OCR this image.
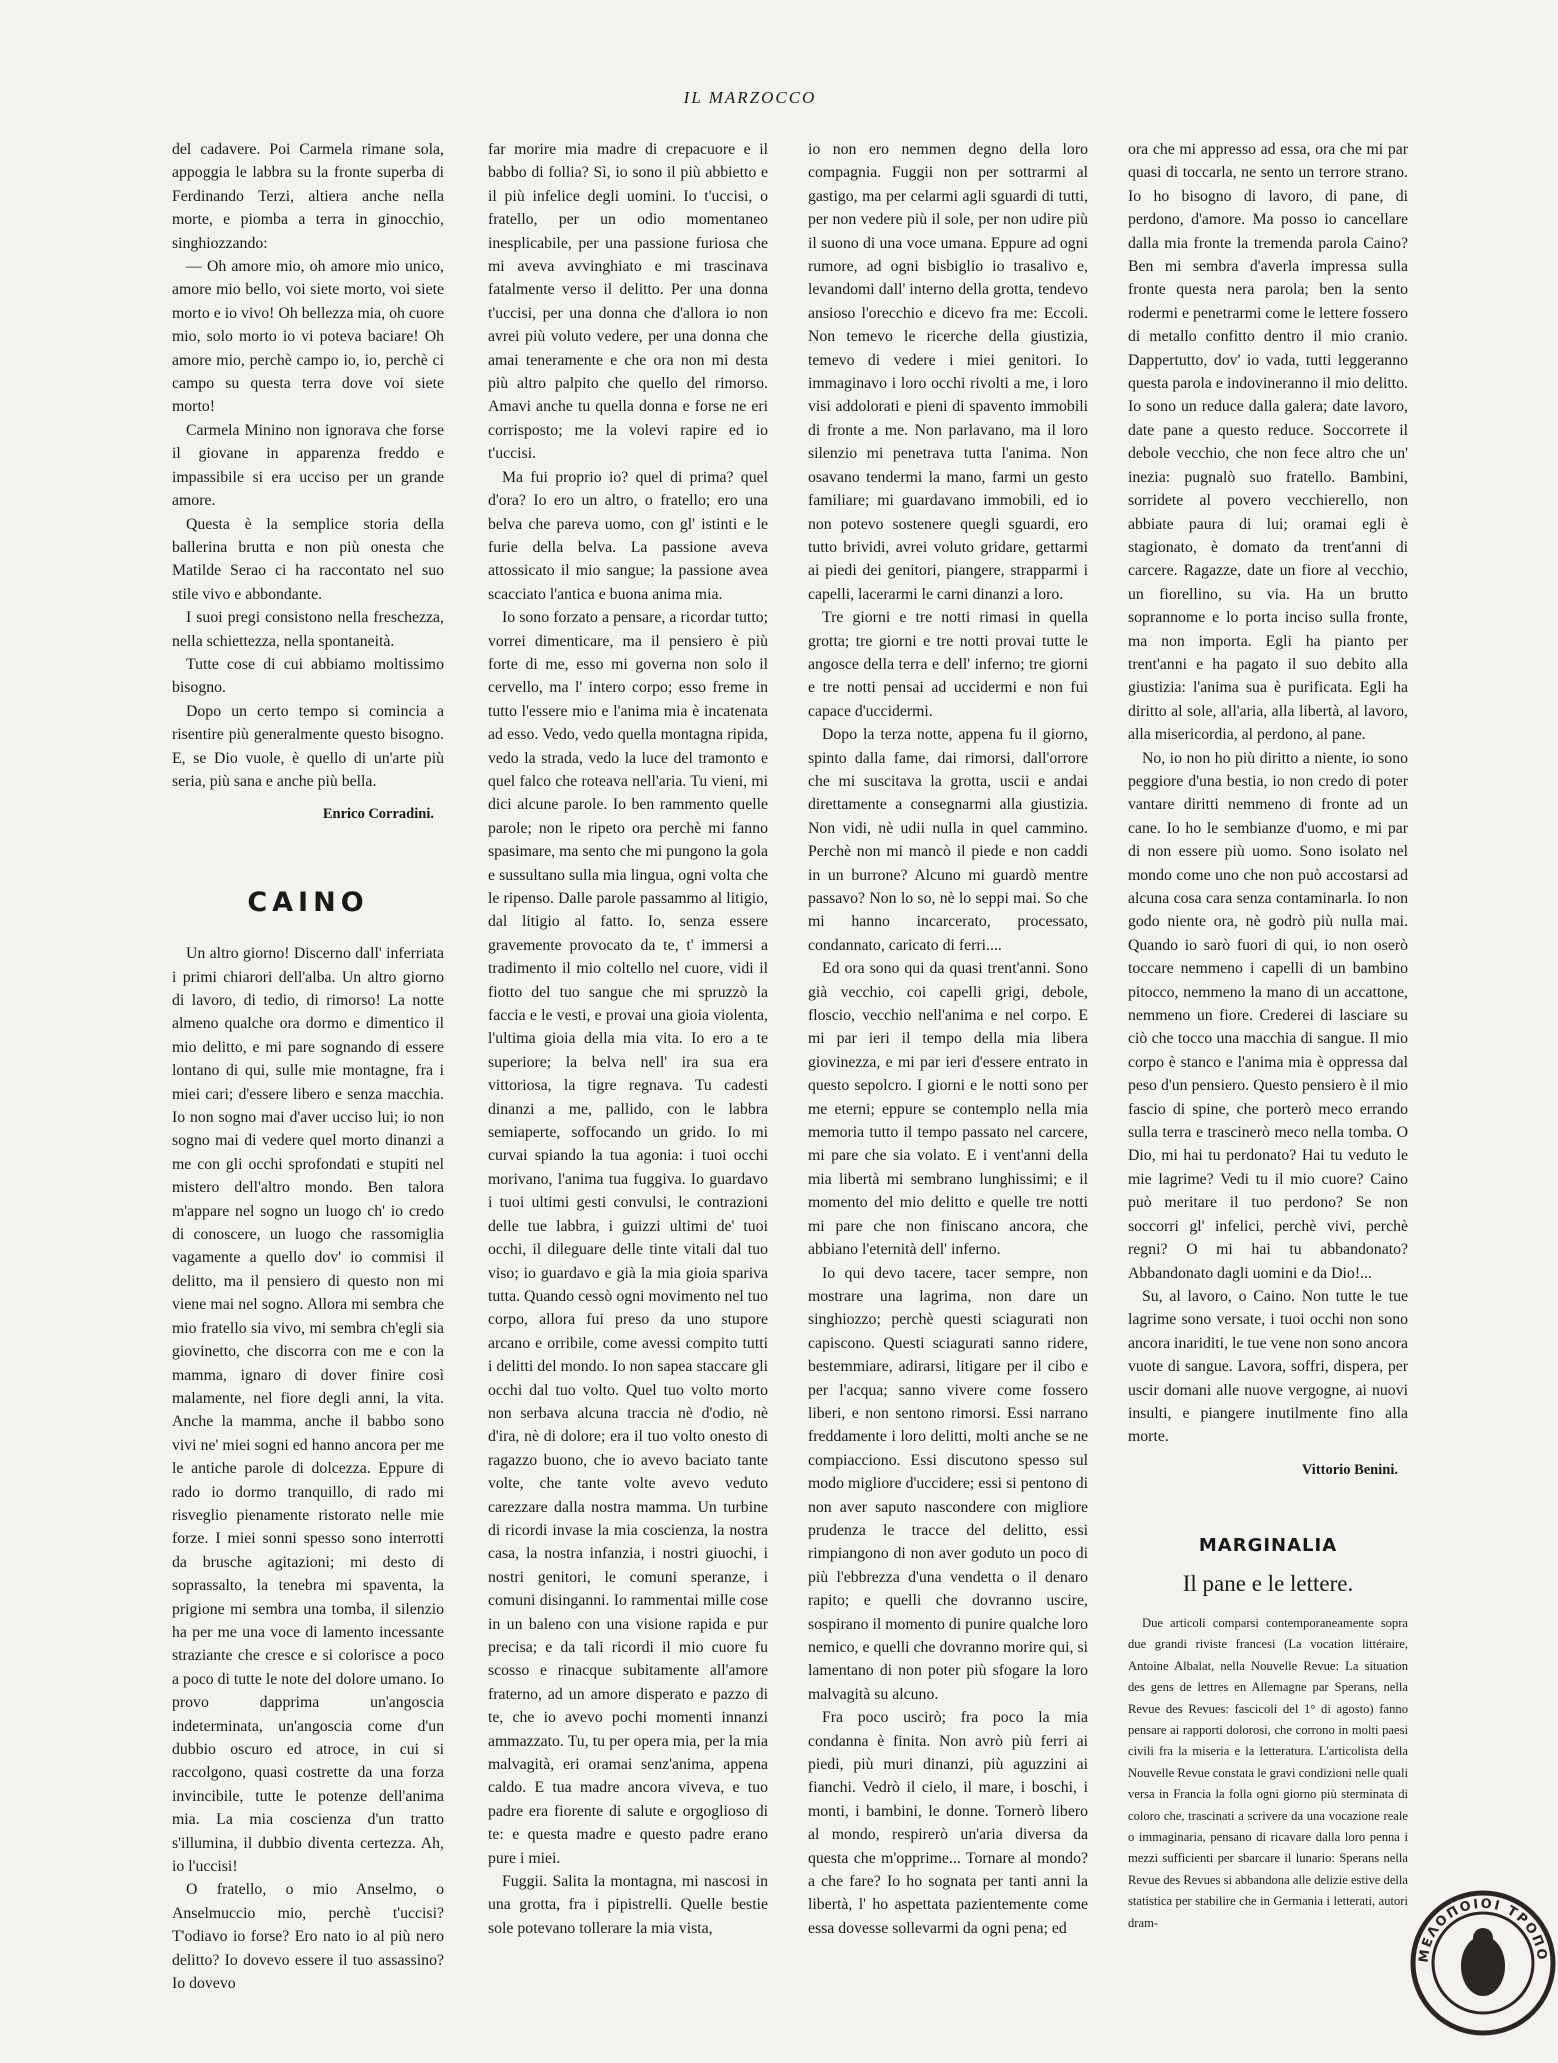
IL MARZOCCO

del cadavere. Poi Carmela rimane sola, appoggia le labbra su la fronte superba di Ferdinando Terzi, altiera anche nella morte, e piomba a terra in ginocchio, singhiozzando:

— Oh amore mio, oh amore mio unico, amore mio bello, voi siete morto, voi siete morto e io vivo! Oh bellezza mia, oh cuore mio, solo morto io vi poteva baciare! Oh amore mio, perchè campo io, io, perchè ci campo su questa terra dove voi siete morto!

Carmela Minino non ignorava che forse il giovane in apparenza freddo e impassibile si era ucciso per un grande amore.

Questa è la semplice storia della ballerina brutta e non più onesta che Matilde Serao ci ha raccontato nel suo stile vivo e abbondante.

I suoi pregi consistono nella freschezza, nella schiettezza, nella spontaneità.

Tutte cose di cui abbiamo moltissimo bisogno.

Dopo un certo tempo si comincia a risentire più generalmente questo bisogno. E, se Dio vuole, è quello di un'arte più seria, più sana e anche più bella.

Enrico Corradini.
CAINO

Un altro giorno! Discerno dall' inferriata i primi chiarori dell'alba. Un altro giorno di lavoro, di tedio, di rimorso! La notte almeno qualche ora dormo e dimentico il mio delitto, e mi pare sognando di essere lontano di qui, sulle mie montagne, fra i miei cari; d'essere libero e senza macchia. Io non sogno mai d'aver ucciso lui; io non sogno mai di vedere quel morto dinanzi a me con gli occhi sprofondati e stupiti nel mistero dell'altro mondo. Ben talora m'appare nel sogno un luogo ch' io credo di conoscere, un luogo che rassomiglia vagamente a quello dov' io commisi il delitto, ma il pensiero di questo non mi viene mai nel sogno. Allora mi sembra che mio fratello sia vivo, mi sembra ch'egli sia giovinetto, che discorra con me e con la mamma, ignaro di dover finire così malamente, nel fiore degli anni, la vita. Anche la mamma, anche il babbo sono vivi ne' miei sogni ed hanno ancora per me le antiche parole di dolcezza. Eppure di rado io dormo tranquillo, di rado mi risveglio pienamente ristorato nelle mie forze. I miei sonni spesso sono interrotti da brusche agitazioni; mi desto di soprassalto, la tenebra mi spaventa, la prigione mi sembra una tomba, il silenzio ha per me una voce di lamento incessante straziante che cresce e si colorisce a poco a poco di tutte le note del dolore umano. Io provo dapprima un'angoscia indeterminata, un'angoscia come d'un dubbio oscuro ed atroce, in cui si raccolgono, quasi costrette da una forza invincibile, tutte le potenze dell'anima mia. La mia coscienza d'un tratto s'illumina, il dubbio diventa certezza. Ah, io l'uccisi!

O fratello, o mio Anselmo, o Anselmuccio mio, perchè t'uccisi? T'odiavo io forse? Ero nato io al più nero delitto? Io dovevo essere il tuo assassino? Io dovevo

far morire mia madre di crepacuore e il babbo di follia? Sì, io sono il più abbietto e il più infelice degli uomini. Io t'uccisi, o fratello, per un odio momentaneo inesplicabile, per una passione furiosa che mi aveva avvinghiato e mi trascinava fatalmente verso il delitto. Per una donna t'uccisi, per una donna che d'allora io non avrei più voluto vedere, per una donna che amai teneramente e che ora non mi desta più altro palpito che quello del rimorso. Amavi anche tu quella donna e forse ne eri corrisposto; me la volevi rapire ed io t'uccisi.

Ma fui proprio io? quel di prima? quel d'ora? Io ero un altro, o fratello; ero una belva che pareva uomo, con gl' istinti e le furie della belva. La passione aveva attossicato il mio sangue; la passione avea scacciato l'antica e buona anima mia.

Io sono forzato a pensare, a ricordar tutto; vorrei dimenticare, ma il pensiero è più forte di me, esso mi governa non solo il cervello, ma l' intero corpo; esso freme in tutto l'essere mio e l'anima mia è incatenata ad esso. Vedo, vedo quella montagna ripida, vedo la strada, vedo la luce del tramonto e quel falco che roteava nell'aria. Tu vieni, mi dici alcune parole. Io ben rammento quelle parole; non le ripeto ora perchè mi fanno spasimare, ma sento che mi pungono la gola e sussultano sulla mia lingua, ogni volta che le ripenso. Dalle parole passammo al litigio, dal litigio al fatto. Io, senza essere gravemente provocato da te, t' immersi a tradimento il mio coltello nel cuore, vidi il fiotto del tuo sangue che mi spruzzò la faccia e le vesti, e provai una gioia violenta, l'ultima gioia della mia vita. Io ero a te superiore; la belva nell' ira sua era vittoriosa, la tigre regnava. Tu cadesti dinanzi a me, pallido, con le labbra semiaperte, soffocando un grido. Io mi curvai spiando la tua agonia: i tuoi occhi morivano, l'anima tua fuggiva. Io guardavo i tuoi ultimi gesti convulsi, le contrazioni delle tue labbra, i guizzi ultimi de' tuoi occhi, il dileguare delle tinte vitali dal tuo viso; io guardavo e già la mia gioia spariva tutta. Quando cessò ogni movimento nel tuo corpo, allora fui preso da uno stupore arcano e orribile, come avessi compito tutti i delitti del mondo. Io non sapea staccare gli occhi dal tuo volto. Quel tuo volto morto non serbava alcuna traccia nè d'odio, nè d'ira, nè di dolore; era il tuo volto onesto di ragazzo buono, che io avevo baciato tante volte, che tante volte avevo veduto carezzare dalla nostra mamma. Un turbine di ricordi invase la mia coscienza, la nostra casa, la nostra infanzia, i nostri giuochi, i nostri genitori, le comuni speranze, i comuni disinganni. Io rammentai mille cose in un baleno con una visione rapida e pur precisa; e da tali ricordi il mio cuore fu scosso e rinacque subitamente all'amore fraterno, ad un amore disperato e pazzo di te, che io avevo pochi momenti innanzi ammazzato. Tu, tu per opera mia, per la mia malvagità, eri oramai senz'anima, appena caldo. E tua madre ancora viveva, e tuo padre era fiorente di salute e orgoglioso di te: e questa madre e questo padre erano pure i miei.

Fuggii. Salita la montagna, mi nascosi in una grotta, fra i pipistrelli. Quelle bestie sole potevano tollerare la mia vista,

io non ero nemmen degno della loro compagnia. Fuggii non per sottrarmi al gastigo, ma per celarmi agli sguardi di tutti, per non vedere più il sole, per non udire più il suono di una voce umana. Eppure ad ogni rumore, ad ogni bisbiglio io trasalivo e, levandomi dall' interno della grotta, tendevo ansioso l'orecchio e dicevo fra me: Eccoli. Non temevo le ricerche della giustizia, temevo di vedere i miei genitori. Io immaginavo i loro occhi rivolti a me, i loro visi addolorati e pieni di spavento immobili di fronte a me. Non parlavano, ma il loro silenzio mi penetrava tutta l'anima. Non osavano tendermi la mano, farmi un gesto familiare; mi guardavano immobili, ed io non potevo sostenere quegli sguardi, ero tutto brividi, avrei voluto gridare, gettarmi ai piedi dei genitori, piangere, strapparmi i capelli, lacerarmi le carni dinanzi a loro.

Tre giorni e tre notti rimasi in quella grotta; tre giorni e tre notti provai tutte le angosce della terra e dell' inferno; tre giorni e tre notti pensai ad uccidermi e non fui capace d'uccidermi.

Dopo la terza notte, appena fu il giorno, spinto dalla fame, dai rimorsi, dall'orrore che mi suscitava la grotta, uscii e andai direttamente a consegnarmi alla giustizia. Non vidi, nè udii nulla in quel cammino. Perchè non mi mancò il piede e non caddi in un burrone? Alcuno mi guardò mentre passavo? Non lo so, nè lo seppi mai. So che mi hanno incarcerato, processato, condannato, caricato di ferri....

Ed ora sono qui da quasi trent'anni. Sono già vecchio, coi capelli grigi, debole, floscio, vecchio nell'anima e nel corpo. E mi par ieri il tempo della mia libera giovinezza, e mi par ieri d'essere entrato in questo sepolcro. I giorni e le notti sono per me eterni; eppure se contemplo nella mia memoria tutto il tempo passato nel carcere, mi pare che sia volato. E i vent'anni della mia libertà mi sembrano lunghissimi; e il momento del mio delitto e quelle tre notti mi pare che non finiscano ancora, che abbiano l'eternità dell' inferno.

Io qui devo tacere, tacer sempre, non mostrare una lagrima, non dare un singhiozzo; perchè questi sciagurati non capiscono. Questi sciagurati sanno ridere, bestemmiare, adirarsi, litigare per il cibo e per l'acqua; sanno vivere come fossero liberi, e non sentono rimorsi. Essi narrano freddamente i loro delitti, molti anche se ne compiacciono. Essi discutono spesso sul modo migliore d'uccidere; essi si pentono di non aver saputo nascondere con migliore prudenza le tracce del delitto, essi rimpiangono di non aver goduto un poco di più l'ebbrezza d'una vendetta o il denaro rapito; e quelli che dovranno uscire, sospirano il momento di punire qualche loro nemico, e quelli che dovranno morire qui, si lamentano di non poter più sfogare la loro malvagità su alcuno.

Fra poco uscirò; fra poco la mia condanna è finita. Non avrò più ferri ai piedi, più muri dinanzi, più aguzzini ai fianchi. Vedrò il cielo, il mare, i boschi, i monti, i bambini, le donne. Tornerò libero al mondo, respirerò un'aria diversa da questa che m'opprime... Tornare al mondo? a che fare? Io ho sognata per tanti anni la libertà, l' ho aspettata pazientemente come essa dovesse sollevarmi da ogni pena; ed

ora che mi appresso ad essa, ora che mi par quasi di toccarla, ne sento un terrore strano. Io ho bisogno di lavoro, di pane, di perdono, d'amore. Ma posso io cancellare dalla mia fronte la tremenda parola Caino? Ben mi sembra d'averla impressa sulla fronte questa nera parola; ben la sento rodermi e penetrarmi come le lettere fossero di metallo confitto dentro il mio cranio. Dappertutto, dov' io vada, tutti leggeranno questa parola e indovineranno il mio delitto. Io sono un reduce dalla galera; date lavoro, date pane a questo reduce. Soccorrete il debole vecchio, che non fece altro che un' inezia: pugnalò suo fratello. Bambini, sorridete al povero vecchierello, non abbiate paura di lui; oramai egli è stagionato, è domato da trent'anni di carcere. Ragazze, date un fiore al vecchio, un fiorellino, su via. Ha un brutto soprannome e lo porta inciso sulla fronte, ma non importa. Egli ha pianto per trent'anni e ha pagato il suo debito alla giustizia: l'anima sua è purificata. Egli ha diritto al sole, all'aria, alla libertà, al lavoro, alla misericordia, al perdono, al pane.

No, io non ho più diritto a niente, io sono peggiore d'una bestia, io non credo di poter vantare diritti nemmeno di fronte ad un cane. Io ho le sembianze d'uomo, e mi par di non essere più uomo. Sono isolato nel mondo come uno che non può accostarsi ad alcuna cosa cara senza contaminarla. Io non godo niente ora, nè godrò più nulla mai. Quando io sarò fuori di qui, io non oserò toccare nemmeno i capelli di un bambino pitocco, nemmeno la mano di un accattone, nemmeno un fiore. Crederei di lasciare su ciò che tocco una macchia di sangue. Il mio corpo è stanco e l'anima mia è oppressa dal peso d'un pensiero. Questo pensiero è il mio fascio di spine, che porterò meco errando sulla terra e trascinerò meco nella tomba. O Dio, mi hai tu perdonato? Hai tu veduto le mie lagrime? Vedi tu il mio cuore? Caino può meritare il tuo perdono? Se non soccorri gl' infelici, perchè vivi, perchè regni? O mi hai tu abbandonato? Abbandonato dagli uomini e da Dio!...

Su, al lavoro, o Caino. Non tutte le tue lagrime sono versate, i tuoi occhi non sono ancora inariditi, le tue vene non sono ancora vuote di sangue. Lavora, soffri, dispera, per uscir domani alle nuove vergogne, ai nuovi insulti, e piangere inutilmente fino alla morte.

Vittorio Benini.
MARGINALIA
Il pane e le lettere.

Due articoli comparsi contemporaneamente sopra due grandi riviste francesi (La vocation littéraire, Antoine Albalat, nella Nouvelle Revue: La situation des gens de lettres en Allemagne par Sperans, nella Revue des Revues: fascicoli del 1° di agosto) fanno pensare ai rapporti dolorosi, che corrono in molti paesi civili fra la miseria e la letteratura. L'articolista della Nouvelle Revue constata le gravi condizioni nelle quali versa in Francia la folla ogni giorno più sterminata di coloro che, trascinati a scrivere da una vocazione reale o immaginaria, pensano di ricavare dalla loro penna i mezzi sufficienti per sbarcare il lunario: Sperans nella Revue des Revues si abbandona alle delizie estive della statistica per stabilire che in Germania i letterati, autori dram-

ΜΕΛΟΠΟΙΟΙ ΤΡΟΠΟ
